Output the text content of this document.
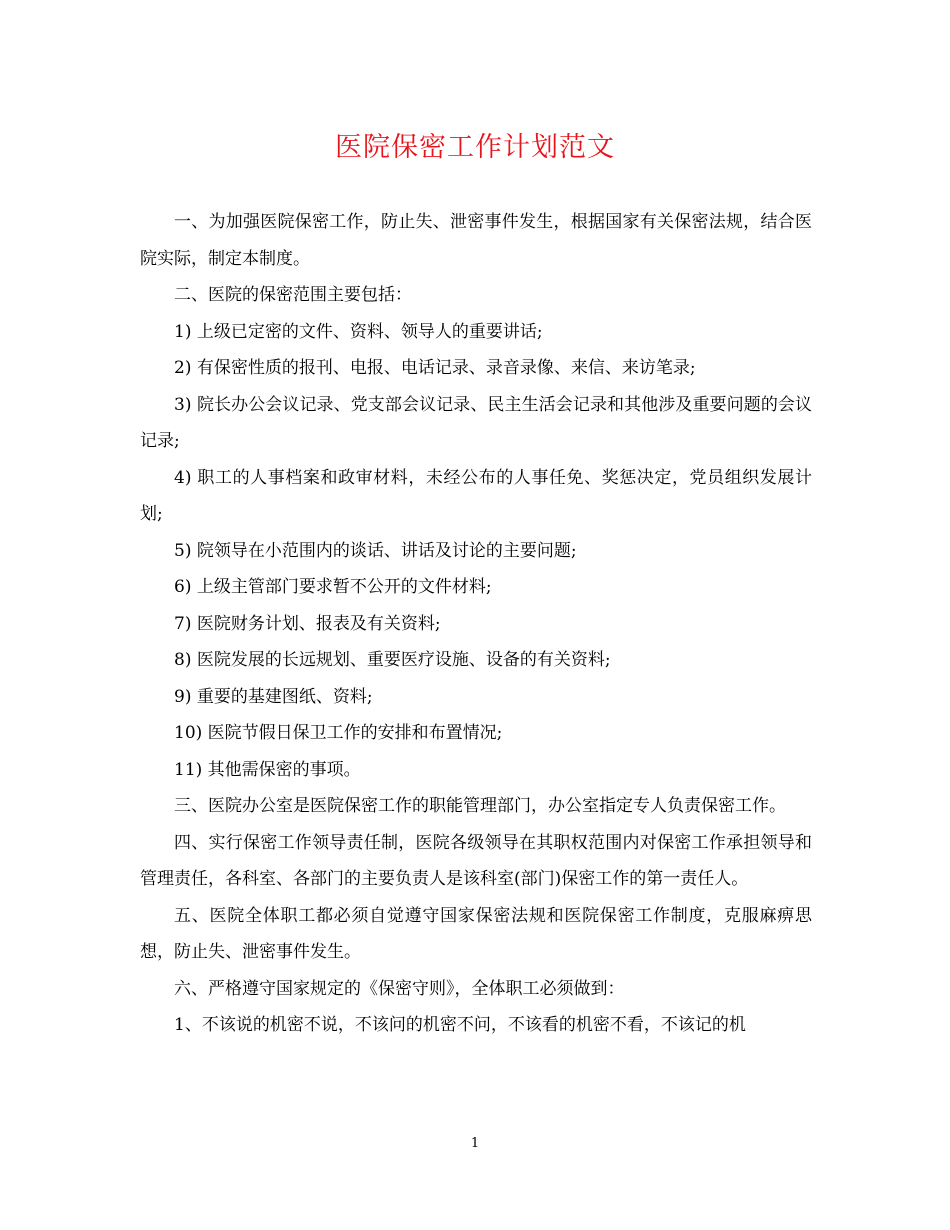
医院保密工作计划范文

一、为加强医院保密工作，防止失、泄密事件发生，根据国家有关保密法规，结合医院实际，制定本制度。

二、医院的保密范围主要包括：

1) 上级已定密的文件、资料、领导人的重要讲话;

2) 有保密性质的报刊、电报、电话记录、录音录像、来信、来访笔录;

3) 院长办公会议记录、党支部会议记录、民主生活会记录和其他涉及重要问题的会议记录;

4) 职工的人事档案和政审材料，未经公布的人事任免、奖惩决定，党员组织发展计划;

5) 院领导在小范围内的谈话、讲话及讨论的主要问题;

6) 上级主管部门要求暂不公开的文件材料;

7) 医院财务计划、报表及有关资料;

8) 医院发展的长远规划、重要医疗设施、设备的有关资料;

9) 重要的基建图纸、资料;

10) 医院节假日保卫工作的安排和布置情况;

11) 其他需保密的事项。

三、医院办公室是医院保密工作的职能管理部门，办公室指定专人负责保密工作。

四、实行保密工作领导责任制，医院各级领导在其职权范围内对保密工作承担领导和管理责任，各科室、各部门的主要负责人是该科室(部门)保密工作的第一责任人。

五、医院全体职工都必须自觉遵守国家保密法规和医院保密工作制度，克服麻痹思想，防止失、泄密事件发生。

六、严格遵守国家规定的《保密守则》，全体职工必须做到：

1、不该说的机密不说，不该问的机密不问，不该看的机密不看，不该记的机

1
